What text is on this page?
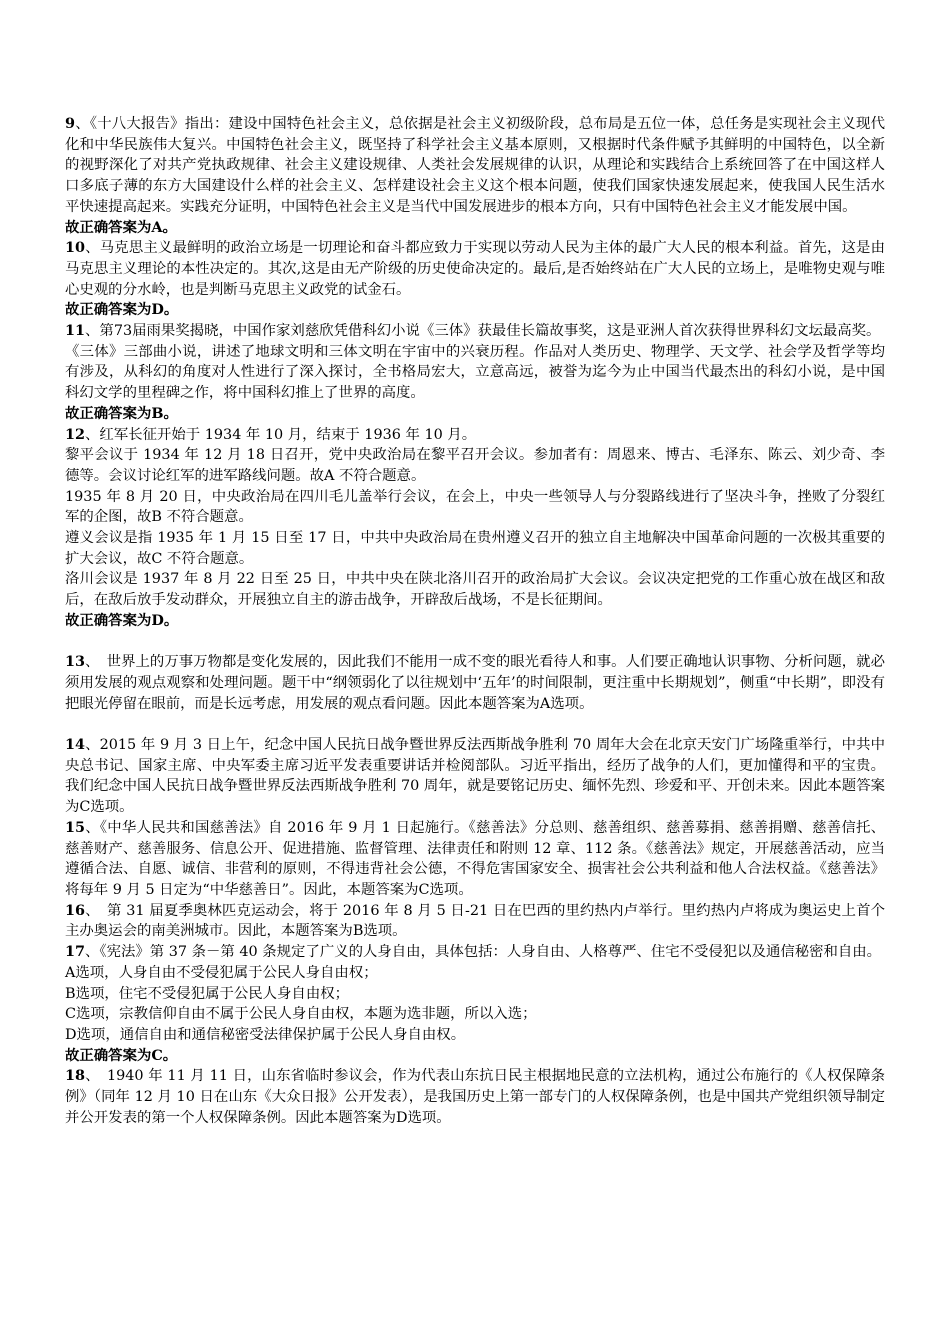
9、《十八大报告》指出：建设中国特色社会主义，总依据是社会主义初级阶段，总布局是五位一体，总任务是实现社会主义现代化和中华民族伟大复兴。中国特色社会主义，既坚持了科学社会主义基本原则，又根据时代条件赋予其鲜明的中国特色，以全新的视野深化了对共产党执政规律、社会主义建设规律、人类社会发展规律的认识，从理论和实践结合上系统回答了在中国这样人口多底子薄的东方大国建设什么样的社会主义、怎样建设社会主义这个根本问题，使我们国家快速发展起来，使我国人民生活水平快速提高起来。实践充分证明，中国特色社会主义是当代中国发展进步的根本方向，只有中国特色社会主义才能发展中国。

故正确答案为A。

10、马克思主义最鲜明的政治立场是一切理论和奋斗都应致力于实现以劳动人民为主体的最广大人民的根本利益。首先，这是由马克思主义理论的本性决定的。其次,这是由无产阶级的历史使命决定的。最后,是否始终站在广大人民的立场上，是唯物史观与唯心史观的分水岭，也是判断马克思主义政党的试金石。

故正确答案为D。

11、第73届雨果奖揭晓，中国作家刘慈欣凭借科幻小说《三体》获最佳长篇故事奖，这是亚洲人首次获得世界科幻文坛最高奖。

《三体》三部曲小说，讲述了地球文明和三体文明在宇宙中的兴衰历程。作品对人类历史、物理学、天文学、社会学及哲学等均有涉及，从科幻的角度对人性进行了深入探讨，全书格局宏大，立意高远，被誉为迄今为止中国当代最杰出的科幻小说，是中国科幻文学的里程碑之作，将中国科幻推上了世界的高度。

故正确答案为B。

12、红军长征开始于 1934 年 10 月，结束于 1936 年 10 月。

黎平会议于 1934 年 12 月 18 日召开，党中央政治局在黎平召开会议。参加者有：周恩来、博古、毛泽东、陈云、刘少奇、李德等。会议讨论红军的进军路线问题。故A 不符合题意。

1935 年 8 月 20 日，中央政治局在四川毛儿盖举行会议，在会上，中央一些领导人与分裂路线进行了坚决斗争，挫败了分裂红军的企图，故B 不符合题意。

遵义会议是指 1935 年 1 月 15 日至 17 日，中共中央政治局在贵州遵义召开的独立自主地解决中国革命问题的一次极其重要的扩大会议，故C 不符合题意。

洛川会议是 1937 年 8 月 22 日至 25 日，中共中央在陕北洛川召开的政治局扩大会议。会议决定把党的工作重心放在战区和敌后，在敌后放手发动群众，开展独立自主的游击战争，开辟敌后战场，不是长征期间。

故正确答案为D。

13、　世界上的万事万物都是变化发展的，因此我们不能用一成不变的眼光看待人和事。人们要正确地认识事物、分析问题，就必须用发展的观点观察和处理问题。题干中“纲领弱化了以往规划中‘五年’的时间限制，更注重中长期规划”，侧重“中长期”，即没有把眼光停留在眼前，而是长远考虑，用发展的观点看问题。因此本题答案为A选项。

14、2015 年 9 月 3 日上午，纪念中国人民抗日战争暨世界反法西斯战争胜利 70 周年大会在北京天安门广场隆重举行，中共中央总书记、国家主席、中央军委主席习近平发表重要讲话并检阅部队。习近平指出，经历了战争的人们，更加懂得和平的宝贵。我们纪念中国人民抗日战争暨世界反法西斯战争胜利 70 周年，就是要铭记历史、缅怀先烈、珍爱和平、开创未来。因此本题答案为C选项。

15、《中华人民共和国慈善法》自 2016 年 9 月 1 日起施行。《慈善法》分总则、慈善组织、慈善募捐、慈善捐赠、慈善信托、慈善财产、慈善服务、信息公开、促进措施、监督管理、法律责任和附则 12 章、112 条。《慈善法》规定，开展慈善活动，应当遵循合法、自愿、诚信、非营利的原则，不得违背社会公德，不得危害国家安全、损害社会公共利益和他人合法权益。《慈善法》将每年 9 月 5 日定为“中华慈善日”。因此，本题答案为C选项。

16、　第 31 届夏季奥林匹克运动会，将于 2016 年 8 月 5 日-21 日在巴西的里约热内卢举行。里约热内卢将成为奥运史上首个主办奥运会的南美洲城市。因此，本题答案为B选项。

17、《宪法》第 37 条－第 40 条规定了广义的人身自由，具体包括：人身自由、人格尊严、住宅不受侵犯以及通信秘密和自由。

A选项，人身自由不受侵犯属于公民人身自由权；

B选项，住宅不受侵犯属于公民人身自由权；

C选项，宗教信仰自由不属于公民人身自由权，本题为选非题，所以入选；

D选项，通信自由和通信秘密受法律保护属于公民人身自由权。

故正确答案为C。

18、　1940 年 11 月 11 日，山东省临时参议会，作为代表山东抗日民主根据地民意的立法机构，通过公布施行的《人权保障条例》（同年 12 月 10 日在山东《大众日报》公开发表），是我国历史上第一部专门的人权保障条例，也是中国共产党组织领导制定并公开发表的第一个人权保障条例。因此本题答案为D选项。
